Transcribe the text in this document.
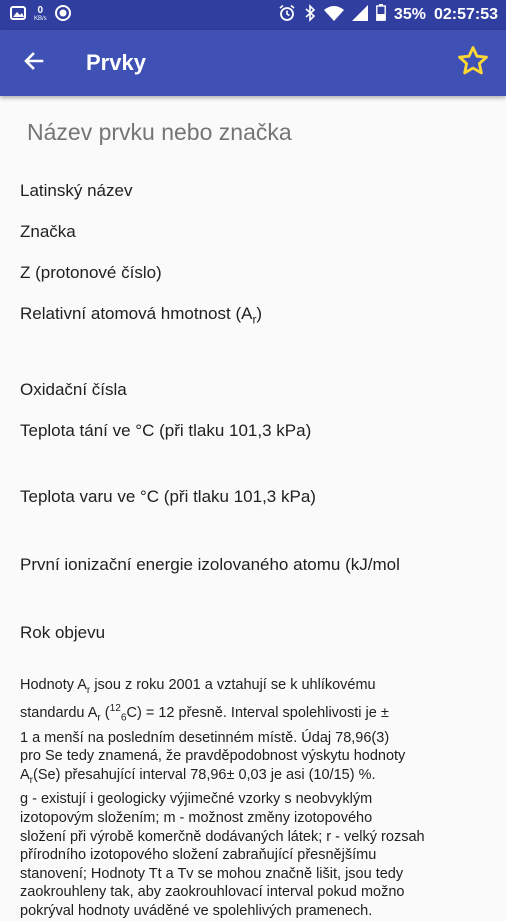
0
KB/s	35% 02:57:53
Prvky
Název prvku nebo značka
Latinský název
Značka
Z (protonové číslo)
Relativní atomová hmotnost $(A_r)$
Oxidační čísla
Teplota tání ve °C (při tlaku 101,3 kPa)
Teplota varu ve °C (při tlaku 101,3 kPa)
První ionizační energie izolovaného atomu (kJ/mol
Rok objevu

Hodnoty $A_r$ jsou z roku 2001 a vztahují se k uhlíkovému

standardu $A_r$ ($^{12}_6$C) = 12 přesně. Interval spolehlivosti je ±

1 a menší na posledním desetinném místě. Údaj 78,96(3)

pro Se tedy znamená, že pravděpodobnost výskytu hodnoty

$A_r(Se)$ přesahující interval 78,96± 0,03 je asi (10/15) %.

g - existují i geologicky výjimečné vzorky s neobvyklým

izotopovým složením; m - možnost změny izotopového

složení při výrobě komerčně dodávaných látek; r - velký rozsah

přírodního izotopového složení zabraňující přesnějšímu

stanovení; Hodnoty Tt a Tv se mohou značně lišit, jsou tedy

zaokrouhleny tak, aby zaokrouhlovací interval pokud možno

pokrýval hodnoty uváděné ve spolehlivých pramenech.
